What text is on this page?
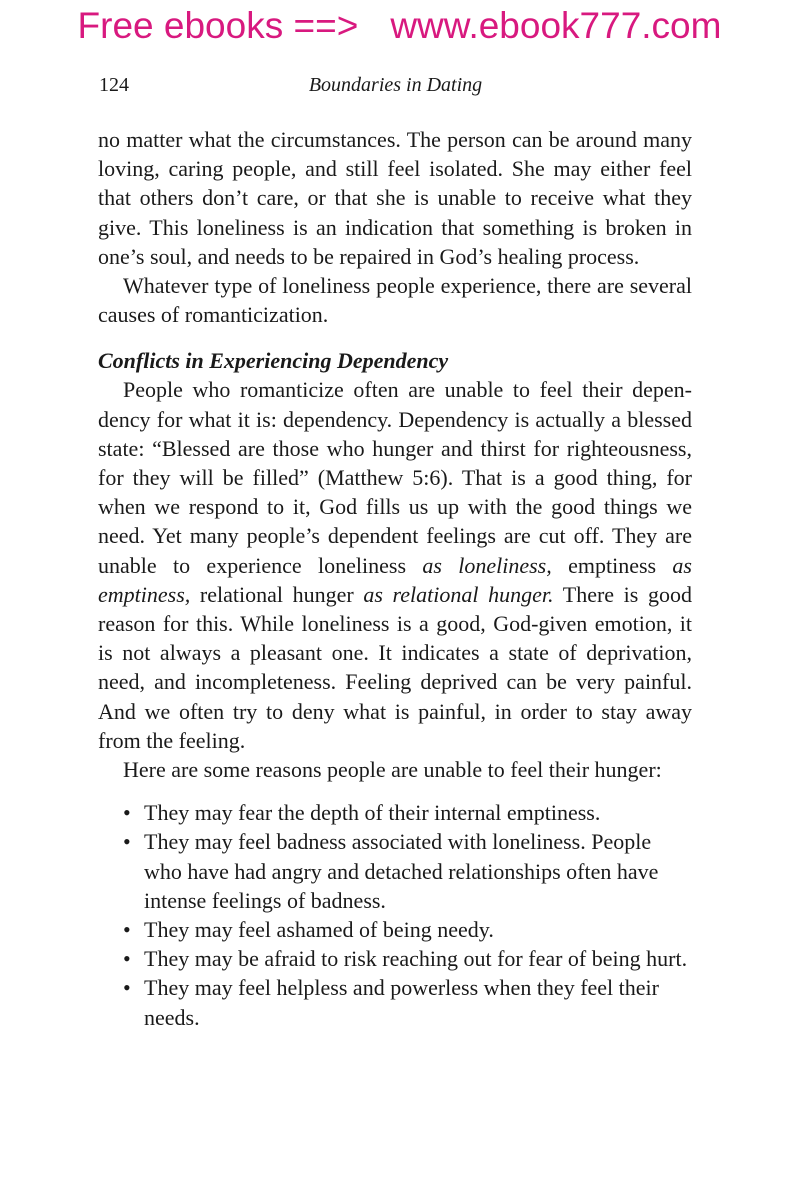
Free ebooks ==> www.ebook777.com
124	Boundaries in Dating

no matter what the circumstances. The person can be around many loving, caring people, and still feel isolated. She may either feel that others don’t care, or that she is unable to receive what they give. This loneliness is an indication that something is broken in one’s soul, and needs to be repaired in God’s healing process.

Whatever type of loneliness people experience, there are several causes of romanticization.

Conflicts in Experiencing Dependency

People who romanticize often are unable to feel their dependency for what it is: dependency. Dependency is actually a blessed state: “Blessed are those who hunger and thirst for righteousness, for they will be filled” (Matthew 5:6). That is a good thing, for when we respond to it, God fills us up with the good things we need. Yet many people’s dependent feelings are cut off. They are unable to experience loneliness as loneliness, emptiness as emptiness, relational hunger as relational hunger. There is good reason for this. While loneliness is a good, God-given emotion, it is not always a pleasant one. It indicates a state of deprivation, need, and incompleteness. Feeling deprived can be very painful. And we often try to deny what is painful, in order to stay away from the feeling.

Here are some reasons people are unable to feel their hunger:

• They may fear the depth of their internal emptiness.
• They may feel badness associated with loneliness. People who have had angry and detached relationships often have intense feelings of badness.
• They may feel ashamed of being needy.
• They may be afraid to risk reaching out for fear of being hurt.
• They may feel helpless and powerless when they feel their needs.
